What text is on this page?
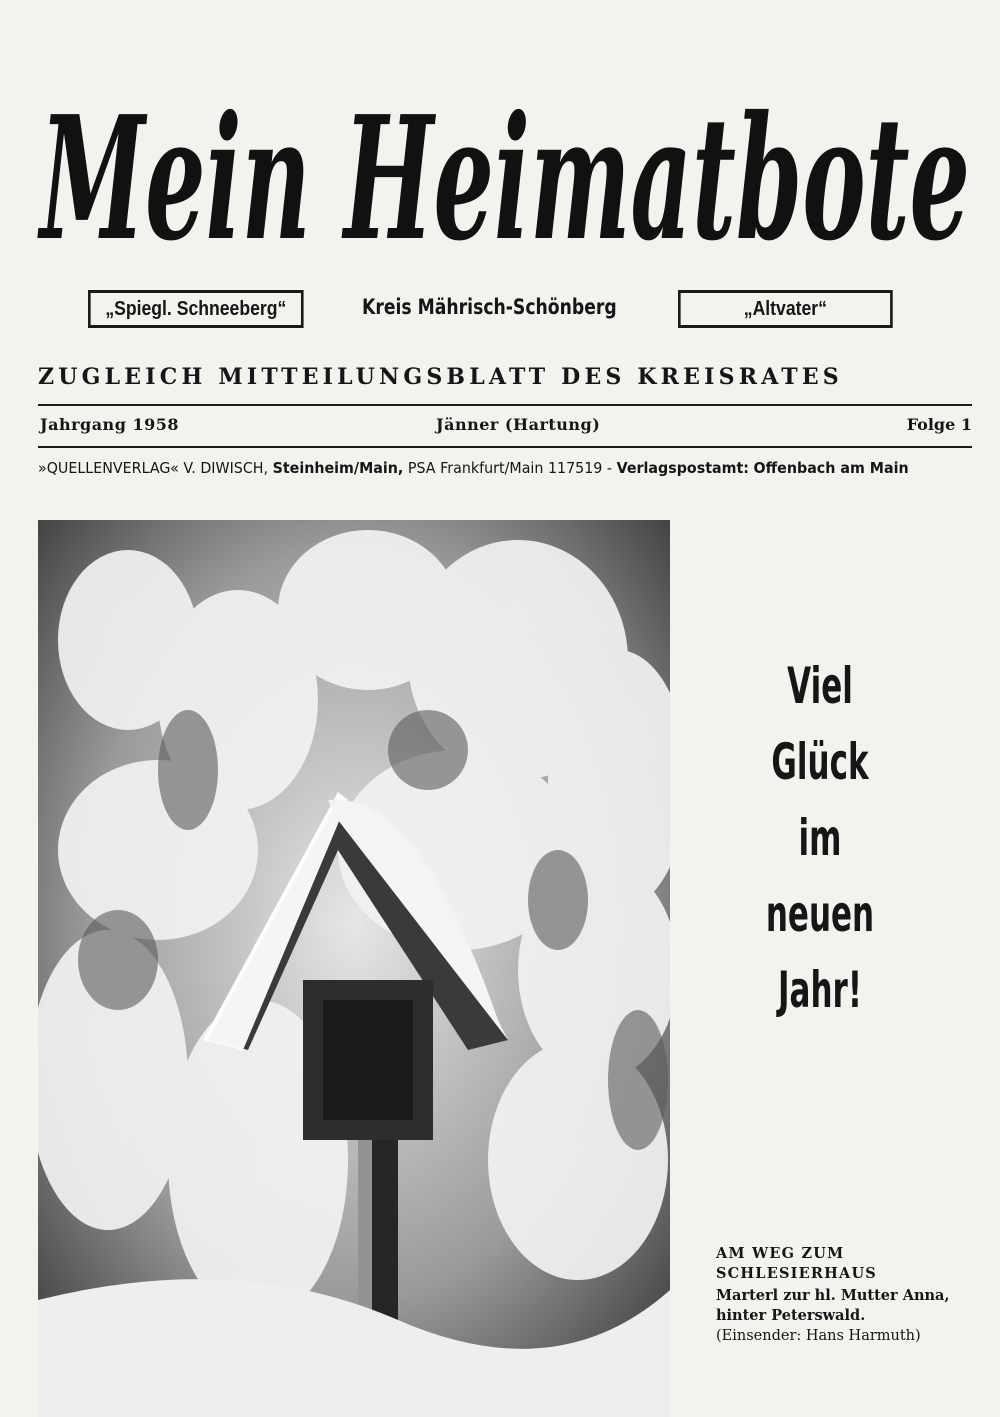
Mein Heimatbote
„Spiegl. Schneeberg“	Kreis Mährisch-Schönberg	„Altvater“
ZUGLEICH MITTEILUNGSBLATT DES KREISRATES
Jahrgang 1958	Jänner (Hartung)	Folge 1
»QUELLENVERLAG« V. DIWISCH, Steinheim/Main, PSA Frankfurt/Main 117519 - Verlagspostamt: Offenbach am Main
Viel
Glück
im
neuen
Jahr!
AM WEG ZUM
SCHLESIERHAUS
Marterl zur hl. Mutter Anna,
hinter Peterswald.
(Einsender: Hans Harmuth)
